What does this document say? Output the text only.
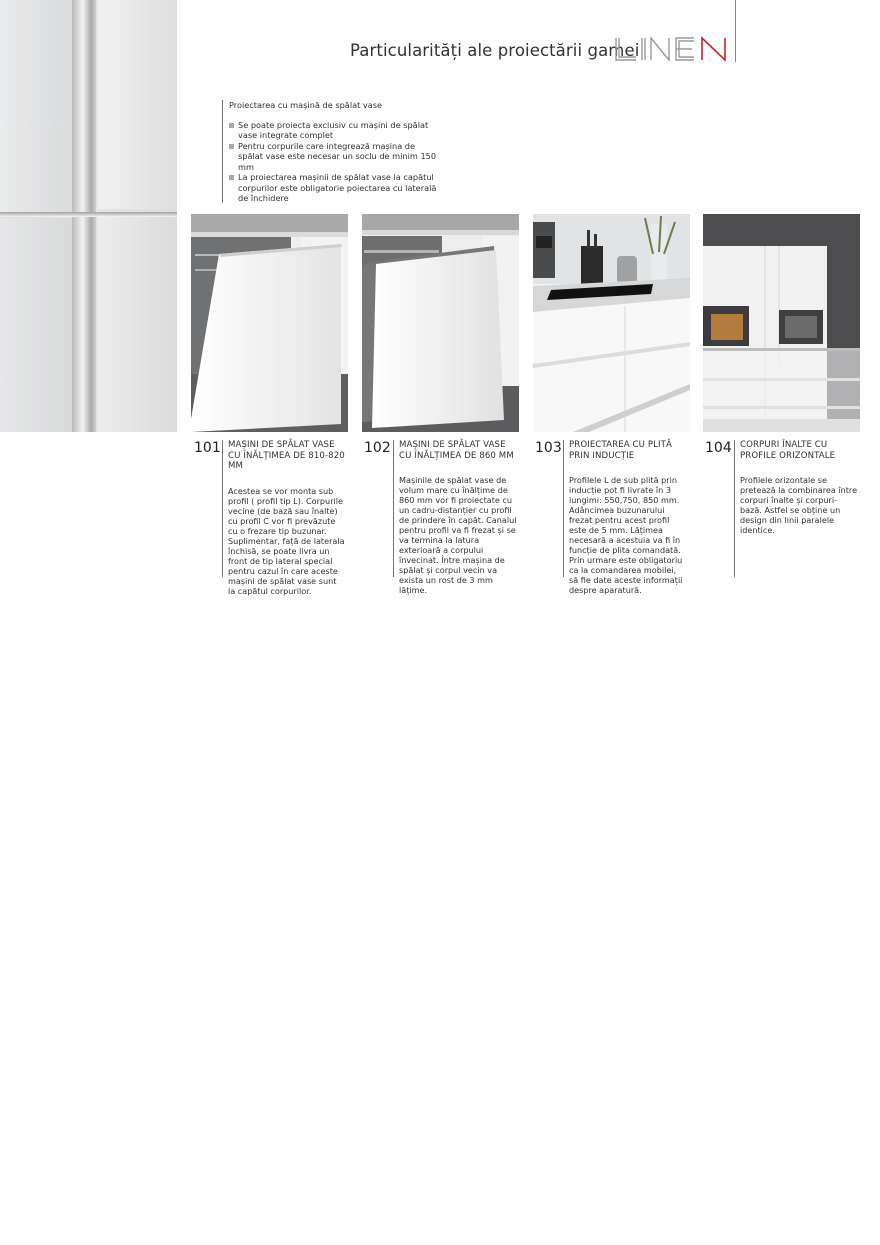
Particularități ale proiectării gamei

Proiectarea cu mașină de spălat vase

Se poate proiecta exclusiv cu mașini de spălat vase integrate complet
Pentru corpurile care integrează mașina de spălat vase este necesar un soclu de minim 150 mm
La proiectarea mașinii de spălat vase la capătul corpurilor este obligatorie poiectarea cu laterală de închidere
101 MAȘINI DE SPĂLAT VASE CU ÎNĂLȚIMEA DE 810-820 MM

Acestea se vor monta sub profil ( profil tip L). Corpurile vecine (de bază sau înalte) cu profil C vor fi prevăzute cu o frezare tip buzunar. Suplimentar, față de laterala închisă, se poate livra un front de tip lateral special pentru cazul în care aceste mașini de spălat vase sunt la capătul corpurilor.

102 MAȘINI DE SPĂLAT VASE CU ÎNĂLȚIMEA DE 860 MM

Mașinile de spălat vase de volum mare cu înălțime de 860 mm vor fi proiectate cu un cadru-distanțier cu profil de prindere în capăt. Canalul pentru profil va fi frezat și se va termina la latura exterioară a corpului învecinat. Între mașina de spălat și corpul vecin va exista un rost de 3 mm lățime.

103 PROIECTAREA CU PLITĂ PRIN INDUCȚIE

Profilele L de sub plită prin inducție pot fi livrate în 3 lungimi: 550,750, 850 mm. Adâncimea buzunarului frezat pentru acest profil este de 5 mm. Lățimea necesară a acestuia va fi în funcție de plita comandată. Prin urmare este obligatoriu ca la comandarea mobilei, să fie date aceste informații despre aparatură.

104 CORPURI ÎNALTE CU PROFILE ORIZONTALE

Profilele orizontale se pretează la combinarea între corpuri înalte și corpuri-bază. Astfel se obține un design din linii paralele identice.
